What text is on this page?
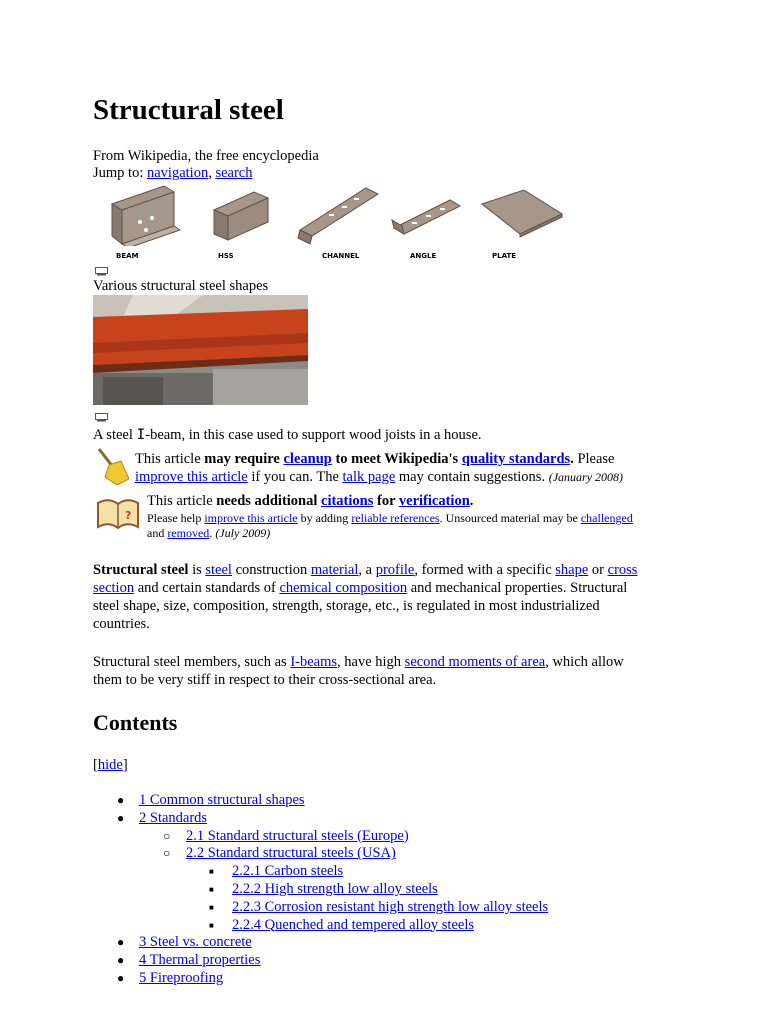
Structural steel
From Wikipedia, the free encyclopedia
Jump to: navigation, search
BEAM	HSS	CHANNEL	ANGLE	PLATE
Various structural steel shapes
A steel I-beam, in this case used to support wood joists in a house.
This article may require cleanup to meet Wikipedia's quality standards. Please
improve this article if you can. The talk page may contain suggestions. (January 2008)
?
This article needs additional citations for verification.
Please help improve this article by adding reliable references. Unsourced material may be challenged
and removed. (July 2009)
Structural steel is steel construction material, a profile, formed with a specific shape or cross
section and certain standards of chemical composition and mechanical properties. Structural
steel shape, size, composition, strength, storage, etc., is regulated in most industrialized
countries.
Structural steel members, such as I-beams, have high second moments of area, which allow
them to be very stiff in respect to their cross-sectional area.
Contents
[hide]
● 1 Common structural shapes
● 2 Standards
○ 2.1 Standard structural steels (Europe)
○ 2.2 Standard structural steels (USA)
■ 2.2.1 Carbon steels
■ 2.2.2 High strength low alloy steels
■ 2.2.3 Corrosion resistant high strength low alloy steels
■ 2.2.4 Quenched and tempered alloy steels
● 3 Steel vs. concrete
● 4 Thermal properties
● 5 Fireproofing
